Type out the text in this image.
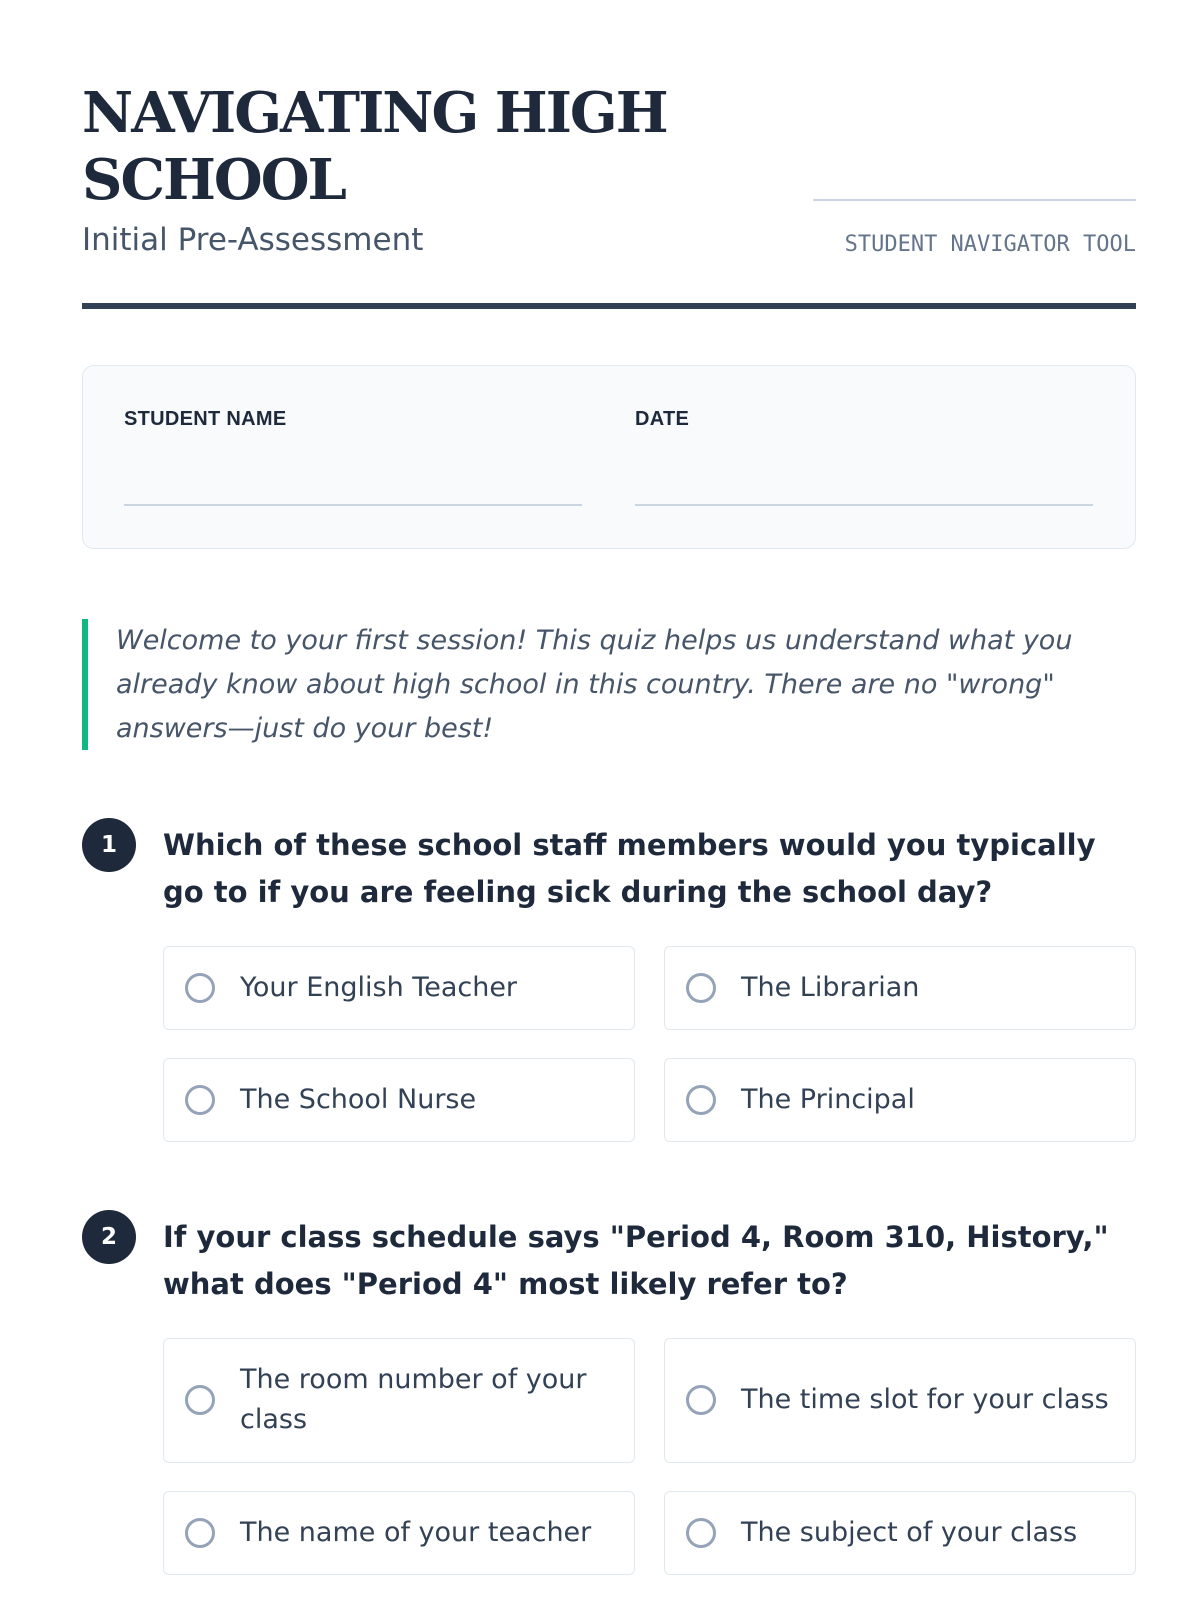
NAVIGATING HIGH SCHOOL
Initial Pre-Assessment	STUDENT NAVIGATOR TOOL
STUDENT NAME	DATE
Welcome to your first session! This quiz helps us understand what you already know about high school in this country. There are no "wrong" answers—just do your best!
1	Which of these school staff members would you typically go to if you are feeling sick during the school day?

Your English Teacher	The Librarian
The School Nurse	The Principal
2	If your class schedule says "Period 4, Room 310, History," what does "Period 4" most likely refer to?

The room number of your class
The time slot for your class
The name of your teacher	The subject of your class
